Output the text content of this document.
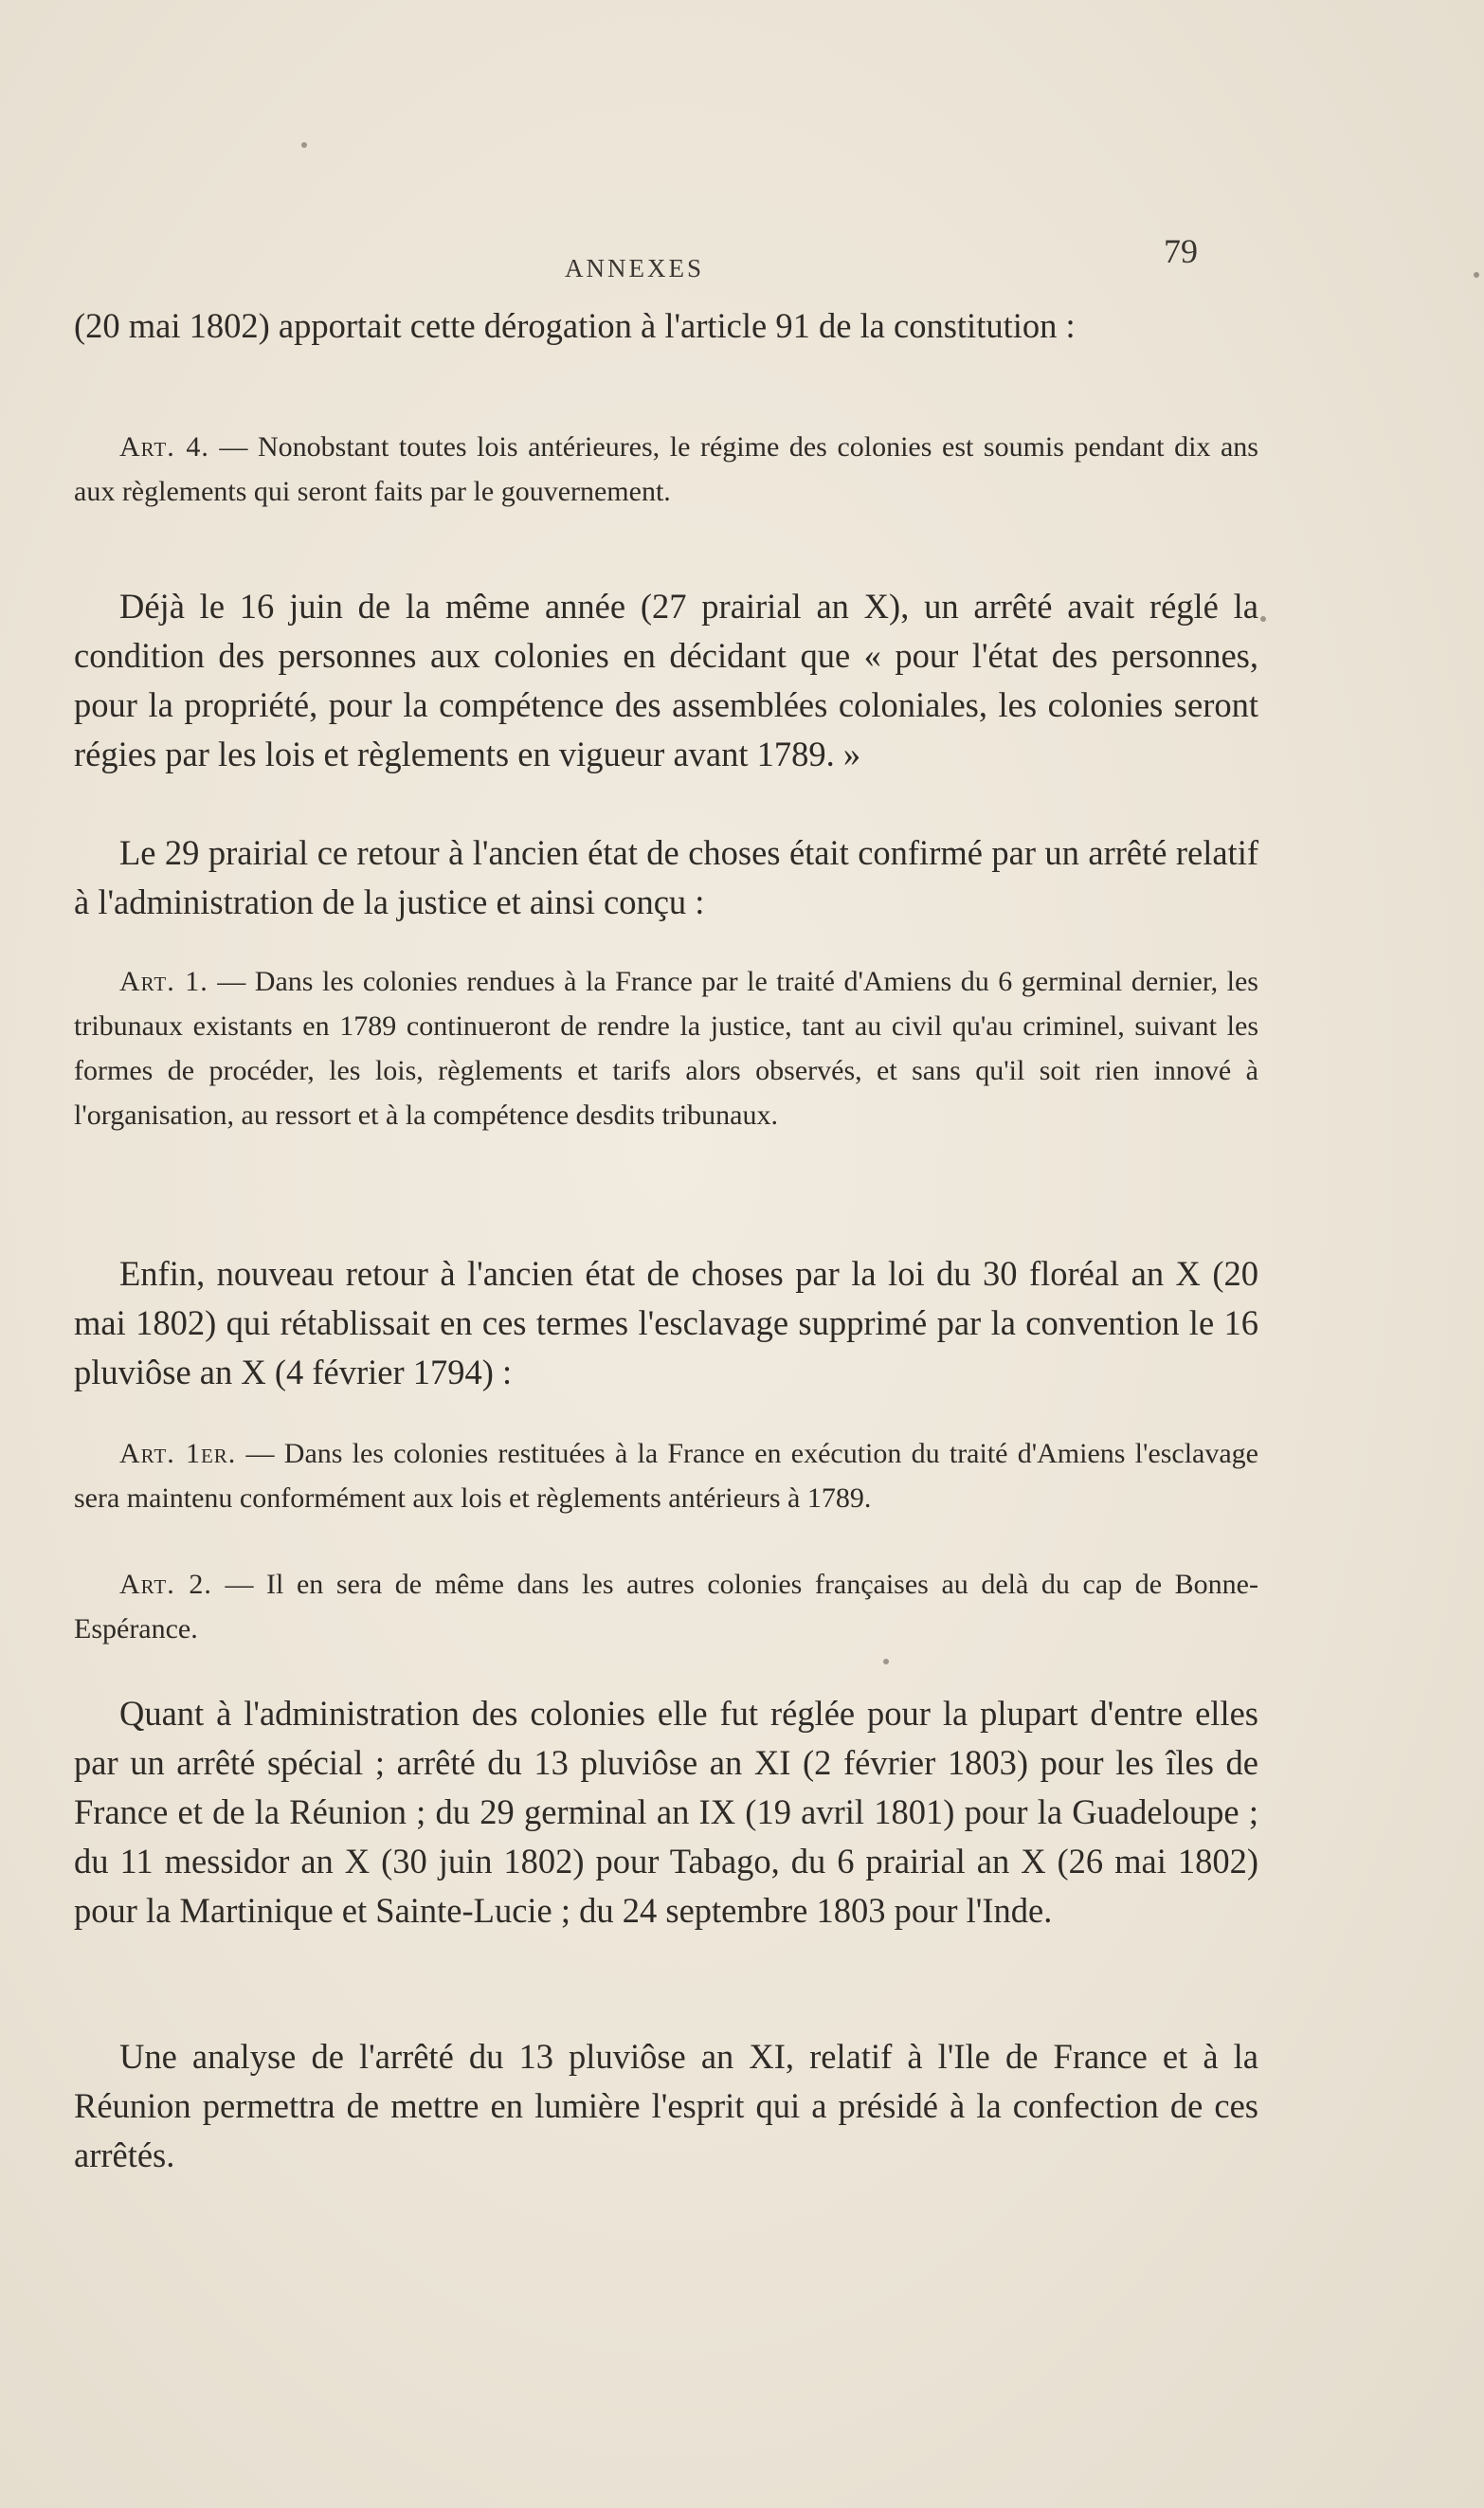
ANNEXES	79
(20 mai 1802) apportait cette dérogation à l'article 91 de la constitution :
Art. 4. — Nonobstant toutes lois antérieures, le régime des colonies est soumis pendant dix ans aux règlements qui seront faits par le gouvernement.
Déjà le 16 juin de la même année (27 prairial an X), un arrêté avait réglé la condition des personnes aux colonies en décidant que « pour l'état des personnes, pour la propriété, pour la compétence des assemblées coloniales, les colonies seront régies par les lois et règlements en vigueur avant 1789. »
Le 29 prairial ce retour à l'ancien état de choses était confirmé par un arrêté relatif à l'administration de la justice et ainsi conçu :
Art. 1. — Dans les colonies rendues à la France par le traité d'Amiens du 6 germinal dernier, les tribunaux existants en 1789 continueront de rendre la justice, tant au civil qu'au criminel, suivant les formes de procéder, les lois, règlements et tarifs alors observés, et sans qu'il soit rien innové à l'organisation, au ressort et à la compétence desdits tribunaux.
Enfin, nouveau retour à l'ancien état de choses par la loi du 30 floréal an X (20 mai 1802) qui rétablissait en ces termes l'esclavage supprimé par la convention le 16 pluviôse an X (4 février 1794) :
Art. 1er. — Dans les colonies restituées à la France en exécution du traité d'Amiens l'esclavage sera maintenu conformément aux lois et règlements antérieurs à 1789.
Art. 2. — Il en sera de même dans les autres colonies françaises au delà du cap de Bonne-Espérance.
Quant à l'administration des colonies elle fut réglée pour la plupart d'entre elles par un arrêté spécial ; arrêté du 13 pluviôse an XI (2 février 1803) pour les îles de France et de la Réunion ; du 29 germinal an IX (19 avril 1801) pour la Guadeloupe ; du 11 messidor an X (30 juin 1802) pour Tabago, du 6 prairial an X (26 mai 1802) pour la Martinique et Sainte-Lucie ; du 24 septembre 1803 pour l'Inde.
Une analyse de l'arrêté du 13 pluviôse an XI, relatif à l'Ile de France et à la Réunion permettra de mettre en lumière l'esprit qui a présidé à la confection de ces arrêtés.
